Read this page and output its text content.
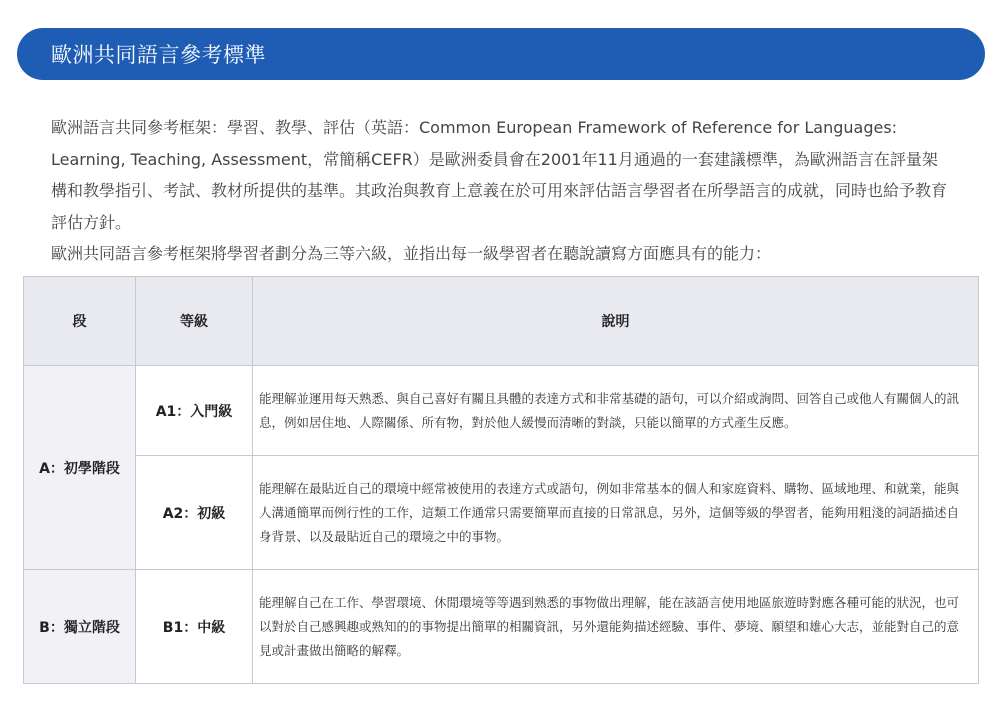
歐洲共同語言參考標準

歐洲語言共同參考框架：學習、教學、評估（英語：Common European Framework of Reference for Languages: Learning, Teaching, Assessment，常簡稱CEFR）是歐洲委員會在2001年11月通過的一套建議標準，為歐洲語言在評量架構和教學指引、考試、教材所提供的基準。其政治與教育上意義在於可用來評估語言學習者在所學語言的成就，同時也給予教育評估方針。

歐洲共同語言參考框架將學習者劃分為三等六級，並指出每一級學習者在聽說讀寫方面應具有的能力：

段	等級	說明
A：初學階段	A1：入門級	能理解並運用每天熟悉、與自己喜好有關且具體的表達方式和非常基礎的語句，可以介紹或詢問、回答自己或他人有關個人的訊息，例如居住地、人際關係、所有物，對於他人緩慢而清晰的對談，只能以簡單的方式產生反應。
	A2：初級	能理解在最貼近自己的環境中經常被使用的表達方式或語句，例如非常基本的個人和家庭資料、購物、區域地理、和就業，能與人溝通簡單而例行性的工作，這類工作通常只需要簡單而直接的日常訊息，另外，這個等級的學習者，能夠用粗淺的詞語描述自身背景、以及最貼近自己的環境之中的事物。
B：獨立階段	B1：中級	能理解自己在工作、學習環境、休閒環境等等遇到熟悉的事物做出理解，能在該語言使用地區旅遊時對應各種可能的狀況，也可以對於自己感興趣或熟知的的事物提出簡單的相關資訊，另外還能夠描述經驗、事件、夢境、願望和雄心大志，並能對自己的意見或計畫做出簡略的解釋。
